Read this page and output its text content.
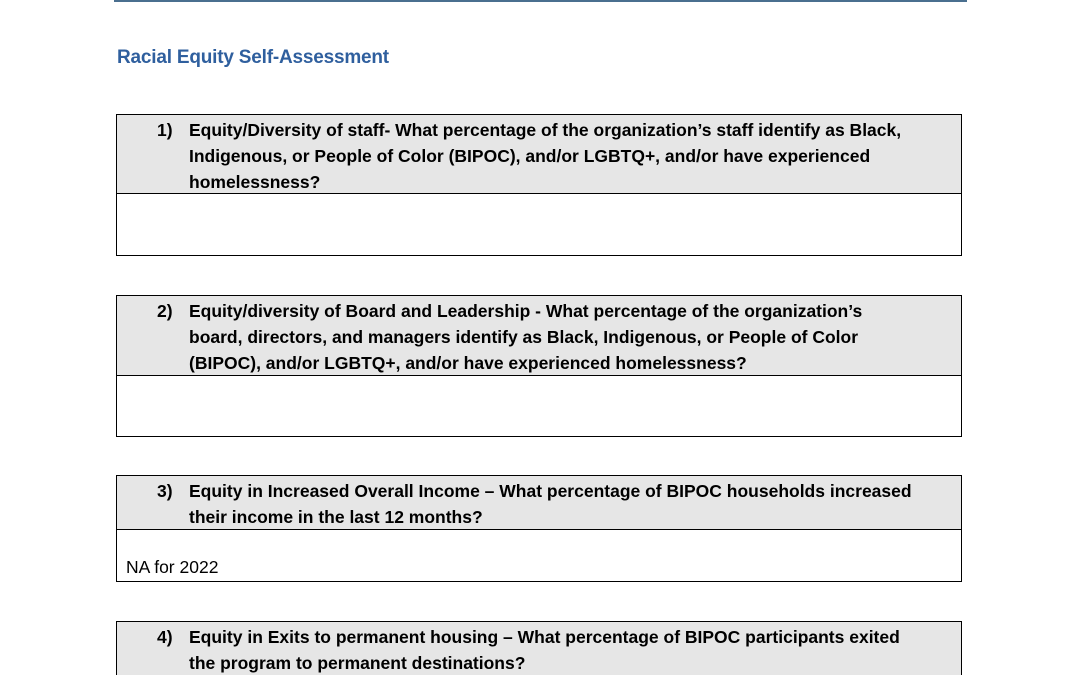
Racial Equity Self-Assessment
1) Equity/Diversity of staff- What percentage of the organization’s staff identify as Black,
Indigenous, or People of Color (BIPOC), and/or LGBTQ+, and/or have experienced
homelessness?
2) Equity/diversity of Board and Leadership - What percentage of the organization’s
board, directors, and managers identify as Black, Indigenous, or People of Color
(BIPOC), and/or LGBTQ+, and/or have experienced homelessness?
3) Equity in Increased Overall Income – What percentage of BIPOC households increased
their income in the last 12 months?
NA for 2022
4) Equity in Exits to permanent housing – What percentage of BIPOC participants exited
the program to permanent destinations?
